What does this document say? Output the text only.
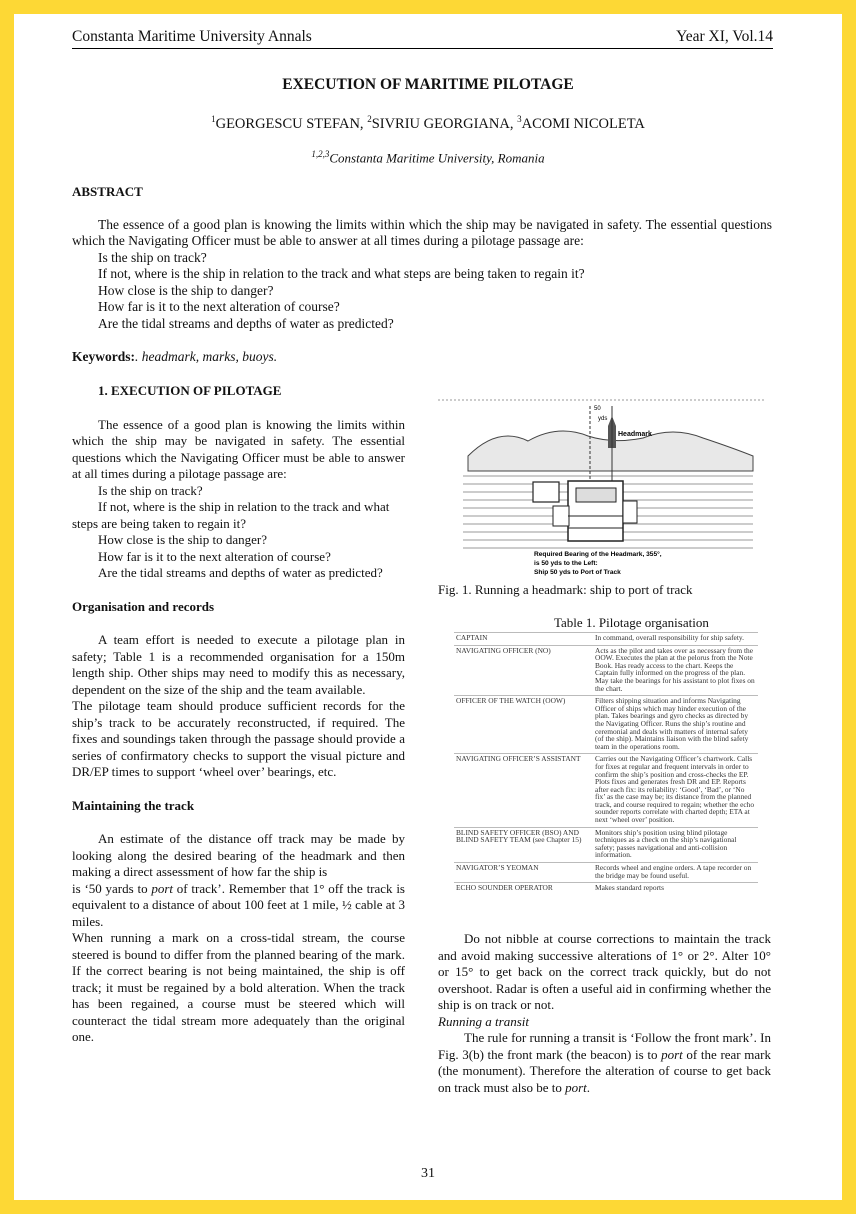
Constanta Maritime University Annals	Year XI, Vol.14
EXECUTION OF MARITIME PILOTAGE
$^1$GEORGESCU STEFAN, $^2$SIVRIU GEORGIANA, $^3$ACOMI NICOLETA
$^{1,2,3}$Constanta Maritime University, Romania
ABSTRACT

The essence of a good plan is knowing the limits within which the ship may be navigated in safety. The essential questions which the Navigating Officer must be able to answer at all times during a pilotage passage are:

Is the ship on track?

If not, where is the ship in relation to the track and what steps are being taken to regain it?

How close is the ship to danger?

How far is it to the next alteration of course?

Are the tidal streams and depths of water as predicted?

Keywords:. headmark, marks, buoys.

1. EXECUTION OF PILOTAGE

The essence of a good plan is knowing the limits within which the ship may be navigated in safety. The essential questions which the Navigating Officer must be able to answer at all times during a pilotage passage are:

Is the ship on track?

If not, where is the ship in relation to the track and what steps are being taken to regain it?

How close is the ship to danger?

How far is it to the next alteration of course?

Are the tidal streams and depths of water as predicted?

Organisation and records

A team effort is needed to execute a pilotage plan in safety; Table 1 is a recommended organisation for a 150m length ship. Other ships may need to modify this as necessary, dependent on the size of the ship and the team available.

The pilotage team should produce sufficient records for the ship’s track to be accurately reconstructed, if required. The fixes and soundings taken through the passage should provide a series of confirmatory checks to support the visual picture and DR/EP times to support ‘wheel over’ bearings, etc.

Maintaining the track

An estimate of the distance off track may be made by looking along the desired bearing of the headmark and then making a direct assessment of how far the ship is

is ‘50 yards to port of track’. Remember that 1° off the track is equivalent to a distance of about 100 feet at 1 mile, ½ cable at 3 miles.

When running a mark on a cross-tidal stream, the course steered is bound to differ from the planned bearing of the mark. If the correct bearing is not being maintained, the ship is off track; it must be regained by a bold alteration. When the track has been regained, a course must be steered which will counteract the tidal stream more adequately than the original one.

Headmark
50
yds
Required Bearing of the Headmark, 355°,
is 50 yds to the Left:
Ship 50 yds to Port of Track
Fig. 1. Running a headmark: ship to port of track
Table 1. Pilotage organisation
CAPTAIN	In command, overall responsibility for ship safety.
NAVIGATING OFFICER (NO)	Acts as the pilot and takes over as necessary from the OOW. Executes the plan at the pelorus from the Note Book. Has ready access to the chart. Keeps the Captain fully informed on the progress of the plan. May take the bearings for his assistant to plot fixes on the chart.
OFFICER OF THE WATCH (OOW)	Filters shipping situation and informs Navigating Officer of ships which may hinder execution of the plan. Takes bearings and gyro checks as directed by the Navigating Officer. Runs the ship’s routine and ceremonial and deals with matters of internal safety (of the ship). Maintains liaison with the blind safety team in the operations room.
NAVIGATING OFFICER’S ASSISTANT	Carries out the Navigating Officer’s chartwork. Calls for fixes at regular and frequent intervals in order to confirm the ship’s position and cross-checks the EP. Plots fixes and generates fresh DR and EP. Reports after each fix: its reliability: ‘Good’, ‘Bad’, or ‘No fix’ as the case may be; its distance from the planned track, and course required to regain; whether the echo sounder reports correlate with charted depth; ETA at next ‘wheel over’ position.
BLIND SAFETY OFFICER (BSO) AND BLIND SAFETY TEAM (see Chapter 15)	Monitors ship’s position using blind pilotage techniques as a check on the ship’s navigational safety; passes navigational and anti-collision information.
NAVIGATOR’S YEOMAN	Records wheel and engine orders. A tape recorder on the bridge may be found useful.
ECHO SOUNDER OPERATOR	Makes standard reports

Do not nibble at course corrections to maintain the track and avoid making successive alterations of 1° or 2°. Alter 10° or 15° to get back on the correct track quickly, but do not overshoot. Radar is often a useful aid in confirming whether the ship is on track or not.

Running a transit

The rule for running a transit is ‘Follow the front mark’. In Fig. 3(b) the front mark (the beacon) is to port of the rear mark (the monument). Therefore the alteration of course to get back on track must also be to port.

31
